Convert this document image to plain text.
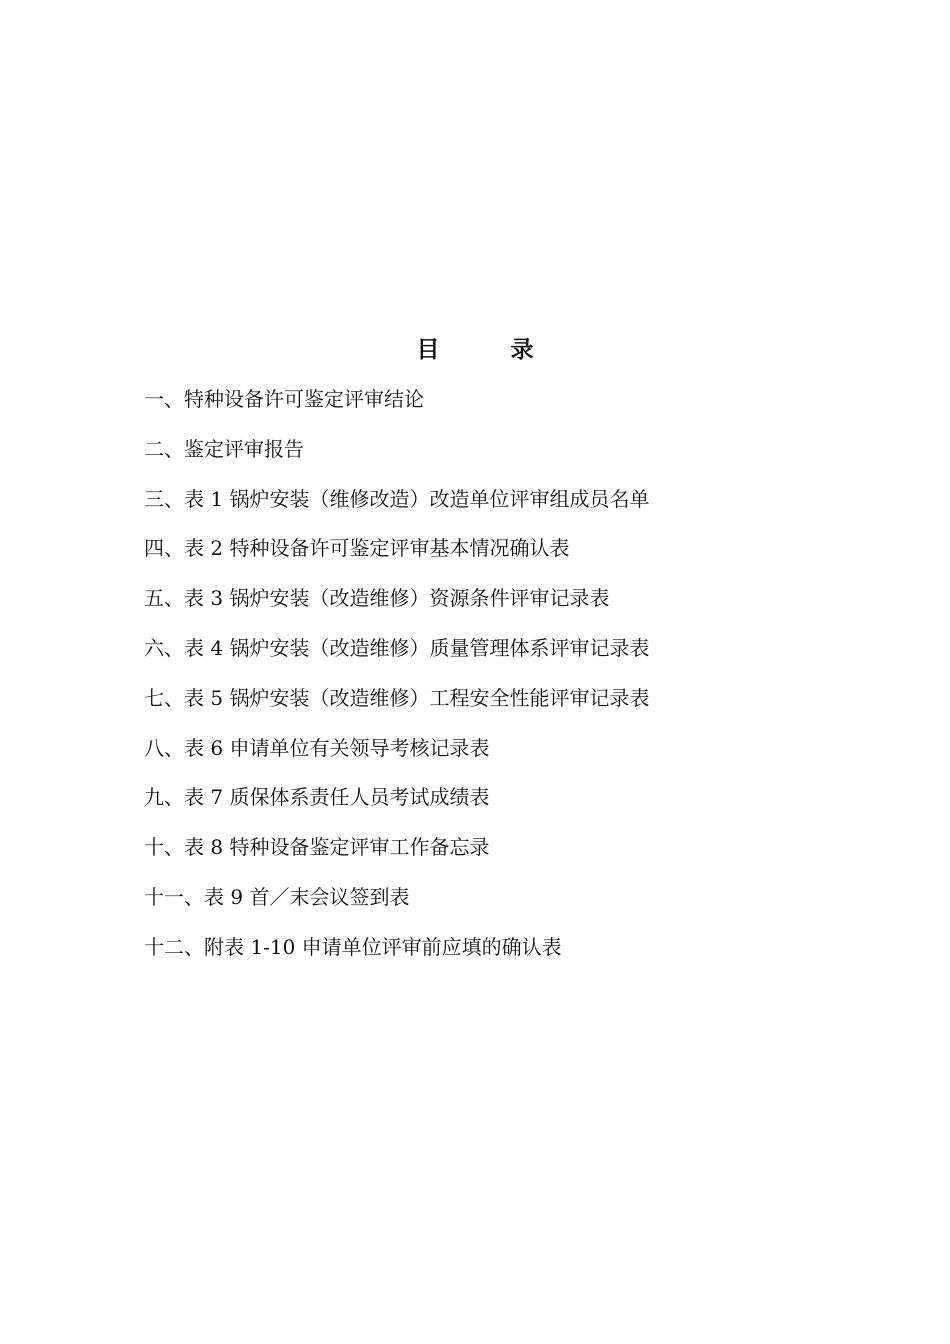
目　录
一、特种设备许可鉴定评审结论
二、鉴定评审报告
三、表 1 锅炉安装（维修改造）改造单位评审组成员名单
四、表 2 特种设备许可鉴定评审基本情况确认表
五、表 3 锅炉安装（改造维修）资源条件评审记录表
六、表 4 锅炉安装（改造维修）质量管理体系评审记录表
七、表 5 锅炉安装（改造维修）工程安全性能评审记录表
八、表 6 申请单位有关领导考核记录表
九、表 7 质保体系责任人员考试成绩表
十、表 8 特种设备鉴定评审工作备忘录
十一、表 9 首／末会议签到表
十二、附表 1-10 申请单位评审前应填的确认表
